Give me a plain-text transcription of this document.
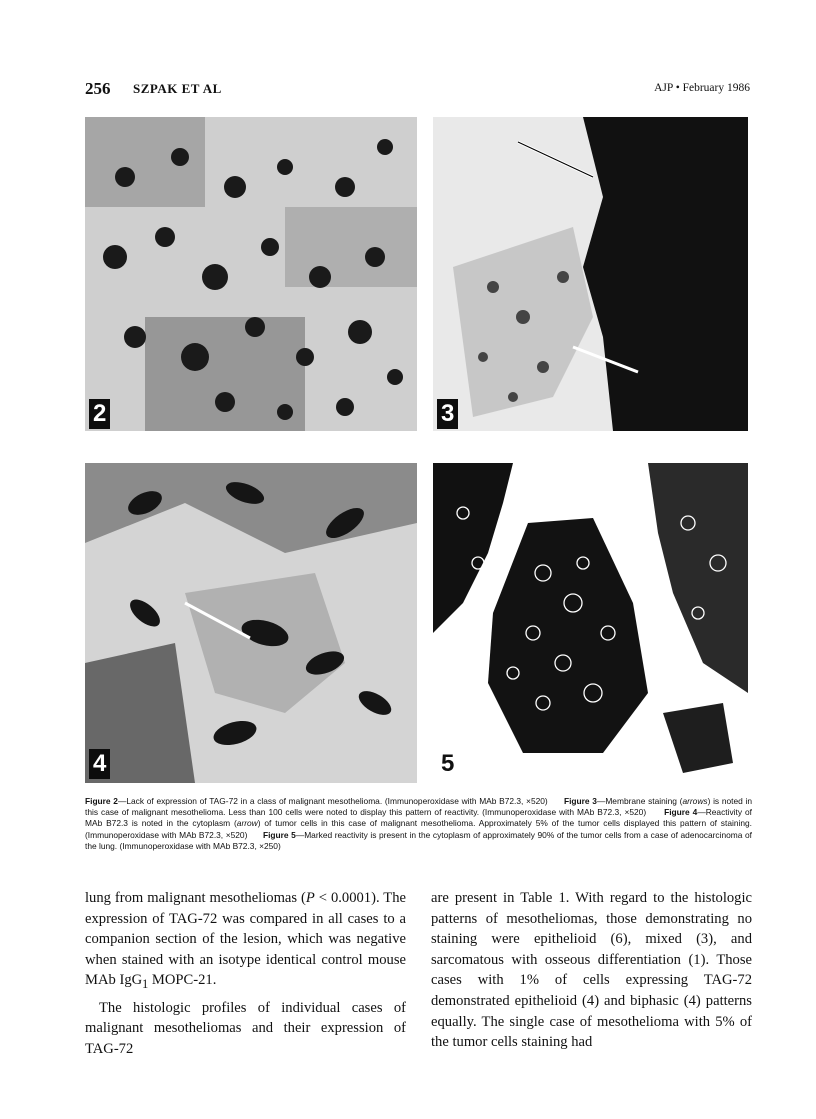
256 SZPAK ET AL	AJP • February 1986
2	3
4	5
Figure 2—Lack of expression of TAG-72 in a class of malignant mesothelioma. (Immunoperoxidase with MAb B72.3, ×520) Figure 3—Membrane staining (arrows) is noted in this case of malignant mesothelioma. Less than 100 cells were noted to display this pattern of reactivity. (Immunoperoxidase with MAb B72.3, ×520) Figure 4—Reactivity of MAb B72.3 is noted in the cytoplasm (arrow) of tumor cells in this case of malignant mesothelioma. Approximately 5% of the tumor cells displayed this pattern of staining. (Immunoperoxidase with MAb B72.3, ×520) Figure 5—Marked reactivity is present in the cytoplasm of approximately 90% of the tumor cells from a case of adenocarcinoma of the lung. (Immunoperoxidase with MAb B72.3, ×250)

lung from malignant mesotheliomas (P < 0.0001). The expression of TAG-72 was compared in all cases to a companion section of the lesion, which was negative when stained with an isotype identical control mouse MAb IgG$_1$ MOPC-21.

The histologic profiles of individual cases of malignant mesotheliomas and their expression of TAG-72

are present in Table 1. With regard to the histologic patterns of mesotheliomas, those demonstrating no staining were epithelioid (6), mixed (3), and sarcomatous with osseous differentiation (1). Those cases with 1% of cells expressing TAG-72 demonstrated epithelioid (4) and biphasic (4) patterns equally. The single case of mesothelioma with 5% of the tumor cells staining had
